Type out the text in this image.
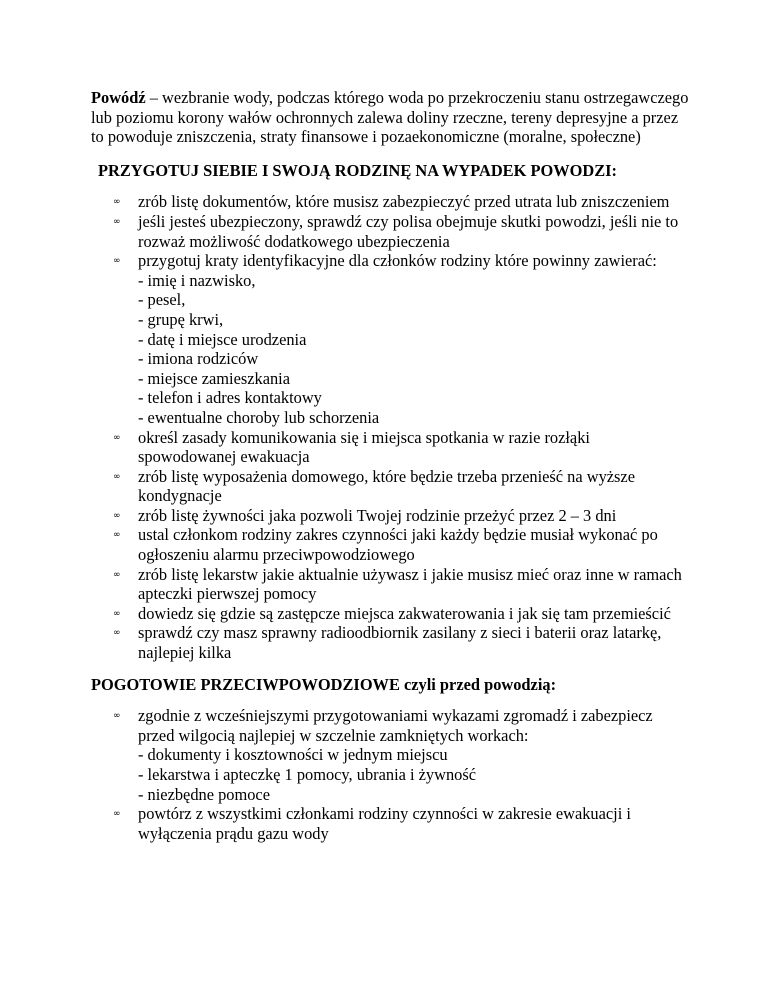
Powódź – wezbranie wody, podczas którego woda po przekroczeniu stanu ostrzegawczego lub poziomu korony wałów ochronnych zalewa doliny rzeczne, tereny depresyjne a przez to powoduje zniszczenia, straty finansowe i pozaekonomiczne (moralne, społeczne)

PRZYGOTUJ SIEBIE I SWOJĄ RODZINĘ NA WYPADEK POWODZI:
∞ zrób listę dokumentów, które musisz zabezpieczyć przed utrata lub zniszczeniem
∞ jeśli jesteś ubezpieczony, sprawdź czy polisa obejmuje skutki powodzi, jeśli nie to rozważ możliwość dodatkowego ubezpieczenia
∞ przygotuj kraty identyfikacyjne dla członków rodziny które powinny zawierać:
- imię i nazwisko,
- pesel,
- grupę krwi,
- datę i miejsce urodzenia
- imiona rodziców
- miejsce zamieszkania
- telefon i adres kontaktowy
- ewentualne choroby lub schorzenia
∞ określ zasady komunikowania się i miejsca spotkania w razie rozłąki spowodowanej ewakuacja
∞ zrób listę wyposażenia domowego, które będzie trzeba przenieść na wyższe kondygnacje
∞ zrób listę żywności jaka pozwoli Twojej rodzinie przeżyć przez 2 – 3 dni
∞ ustal członkom rodziny zakres czynności jaki każdy będzie musiał wykonać po ogłoszeniu alarmu przeciwpowodziowego
∞ zrób listę lekarstw jakie aktualnie używasz i jakie musisz mieć oraz inne w ramach apteczki pierwszej pomocy
∞ dowiedz się gdzie są zastępcze miejsca zakwaterowania i jak się tam przemieścić
∞ sprawdź czy masz sprawny radioodbiornik zasilany z sieci i baterii oraz latarkę, najlepiej kilka
POGOTOWIE PRZECIWPOWODZIOWE czyli przed powodzią:
∞ zgodnie z wcześniejszymi przygotowaniami wykazami zgromadź i zabezpiecz przed wilgocią najlepiej w szczelnie zamkniętych workach:
- dokumenty i kosztowności w jednym miejscu
- lekarstwa i apteczkę 1 pomocy, ubrania i żywność
- niezbędne pomoce
∞ powtórz z wszystkimi członkami rodziny czynności w zakresie ewakuacji i wyłączenia prądu gazu wody
